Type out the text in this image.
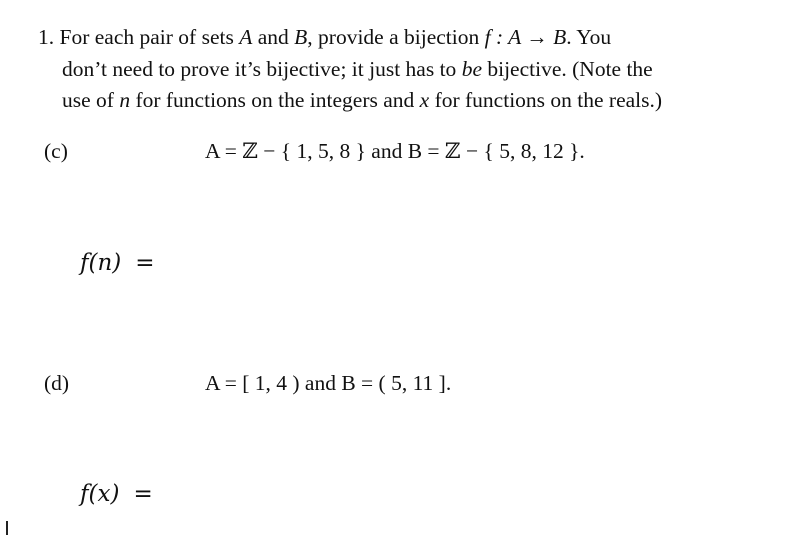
1. For each pair of sets A and B, provide a bijection f : A → B. You
don’t need to prove it’s bijective; it just has to be bijective. (Note the
use of n for functions on the integers and x for functions on the reals.)
(c)	A = ℤ − { 1, 5, 8 } and B = ℤ − { 5, 8, 12 }.
f(n) =
(d)	A = [ 1, 4 ) and B = ( 5, 11 ].
f(x) =
